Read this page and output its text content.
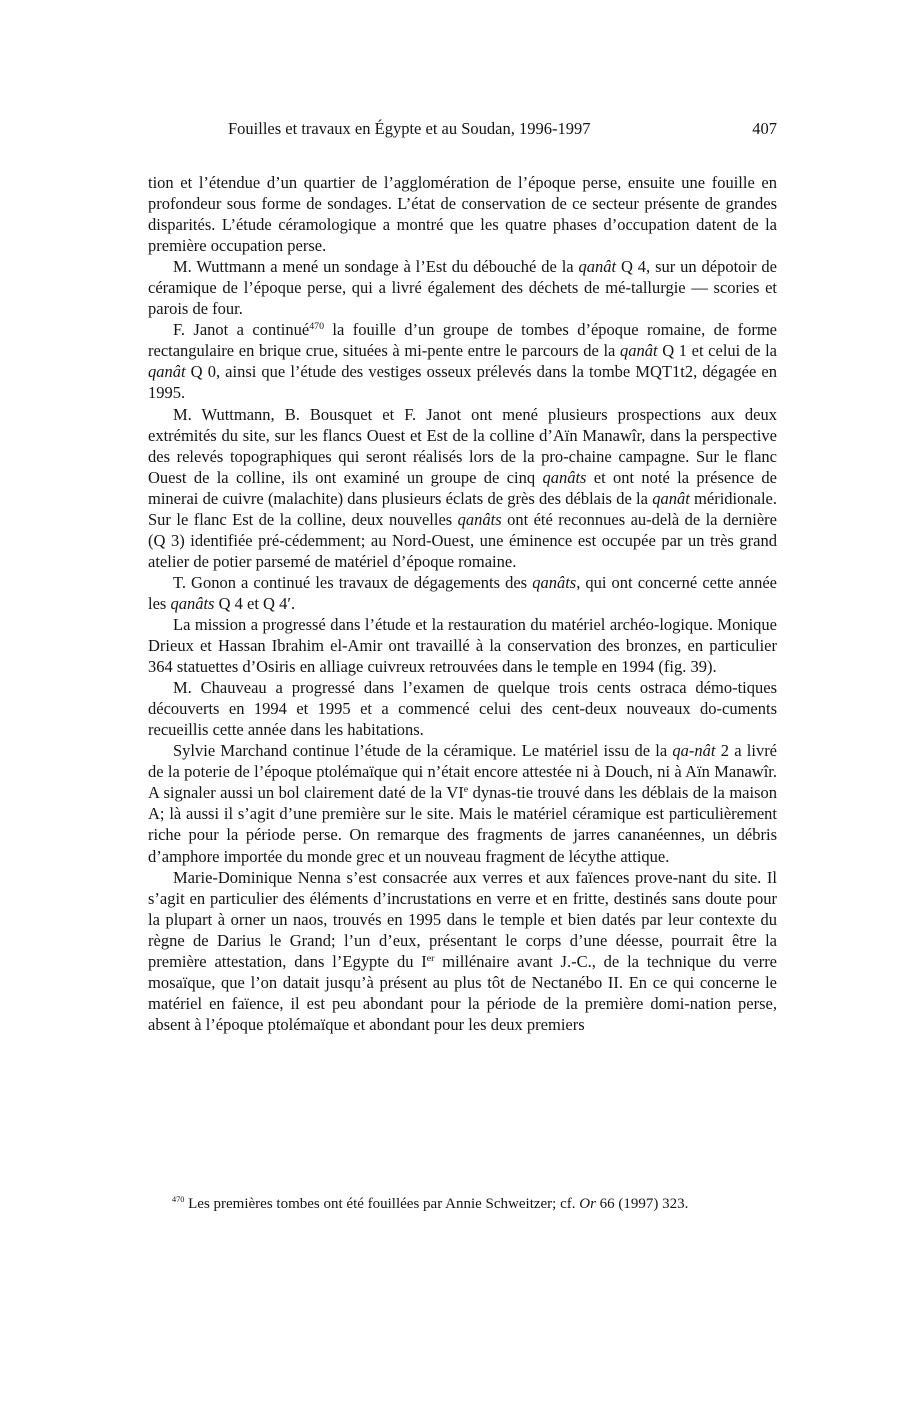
Fouilles et travaux en Égypte et au Soudan, 1996-1997	407

tion et l’étendue d’un quartier de l’agglomération de l’époque perse, ensuite une fouille en profondeur sous forme de sondages. L’état de conservation de ce secteur présente de grandes disparités. L’étude céramologique a montré que les quatre phases d’occupation datent de la première occupation perse.

M. Wuttmann a mené un sondage à l’Est du débouché de la qanât Q 4, sur un dépotoir de céramique de l’époque perse, qui a livré également des déchets de mé-tallurgie — scories et parois de four.

F. Janot a continué$^{470}$ la fouille d’un groupe de tombes d’époque romaine, de forme rectangulaire en brique crue, situées à mi-pente entre le parcours de la qanât Q 1 et celui de la qanât Q 0, ainsi que l’étude des vestiges osseux prélevés dans la tombe MQT1t2, dégagée en 1995.

M. Wuttmann, B. Bousquet et F. Janot ont mené plusieurs prospections aux deux extrémités du site, sur les flancs Ouest et Est de la colline d’Aïn Manawîr, dans la perspective des relevés topographiques qui seront réalisés lors de la pro-chaine campagne. Sur le flanc Ouest de la colline, ils ont examiné un groupe de cinq qanâts et ont noté la présence de minerai de cuivre (malachite) dans plusieurs éclats de grès des déblais de la qanât méridionale. Sur le flanc Est de la colline, deux nouvelles qanâts ont été reconnues au-delà de la dernière (Q 3) identifiée pré-cédemment; au Nord-Ouest, une éminence est occupée par un très grand atelier de potier parsemé de matériel d’époque romaine.

T. Gonon a continué les travaux de dégagements des qanâts, qui ont concerné cette année les qanâts Q 4 et Q 4′.

La mission a progressé dans l’étude et la restauration du matériel archéo-logique. Monique Drieux et Hassan Ibrahim el-Amir ont travaillé à la conservation des bronzes, en particulier 364 statuettes d’Osiris en alliage cuivreux retrouvées dans le temple en 1994 (fig. 39).

M. Chauveau a progressé dans l’examen de quelque trois cents ostraca démo-tiques découverts en 1994 et 1995 et a commencé celui des cent-deux nouveaux do-cuments recueillis cette année dans les habitations.

Sylvie Marchand continue l’étude de la céramique. Le matériel issu de la qa-nât 2 a livré de la poterie de l’époque ptolémaïque qui n’était encore attestée ni à Douch, ni à Aïn Manawîr. A signaler aussi un bol clairement daté de la VIe dynas-tie trouvé dans les déblais de la maison A; là aussi il s’agit d’une première sur le site. Mais le matériel céramique est particulièrement riche pour la période perse. On remarque des fragments de jarres cananéennes, un débris d’amphore importée du monde grec et un nouveau fragment de lécythe attique.

Marie-Dominique Nenna s’est consacrée aux verres et aux faïences prove-nant du site. Il s’agit en particulier des éléments d’incrustations en verre et en fritte, destinés sans doute pour la plupart à orner un naos, trouvés en 1995 dans le temple et bien datés par leur contexte du règne de Darius le Grand; l’un d’eux, présentant le corps d’une déesse, pourrait être la première attestation, dans l’Egypte du Ier millénaire avant J.-C., de la technique du verre mosaïque, que l’on datait jusqu’à présent au plus tôt de Nectanébo II. En ce qui concerne le matériel en faïence, il est peu abondant pour la période de la première domi-nation perse, absent à l’époque ptolémaïque et abondant pour les deux premiers

$^{470}$ Les premières tombes ont été fouillées par Annie Schweitzer; cf. Or 66 (1997) 323.
